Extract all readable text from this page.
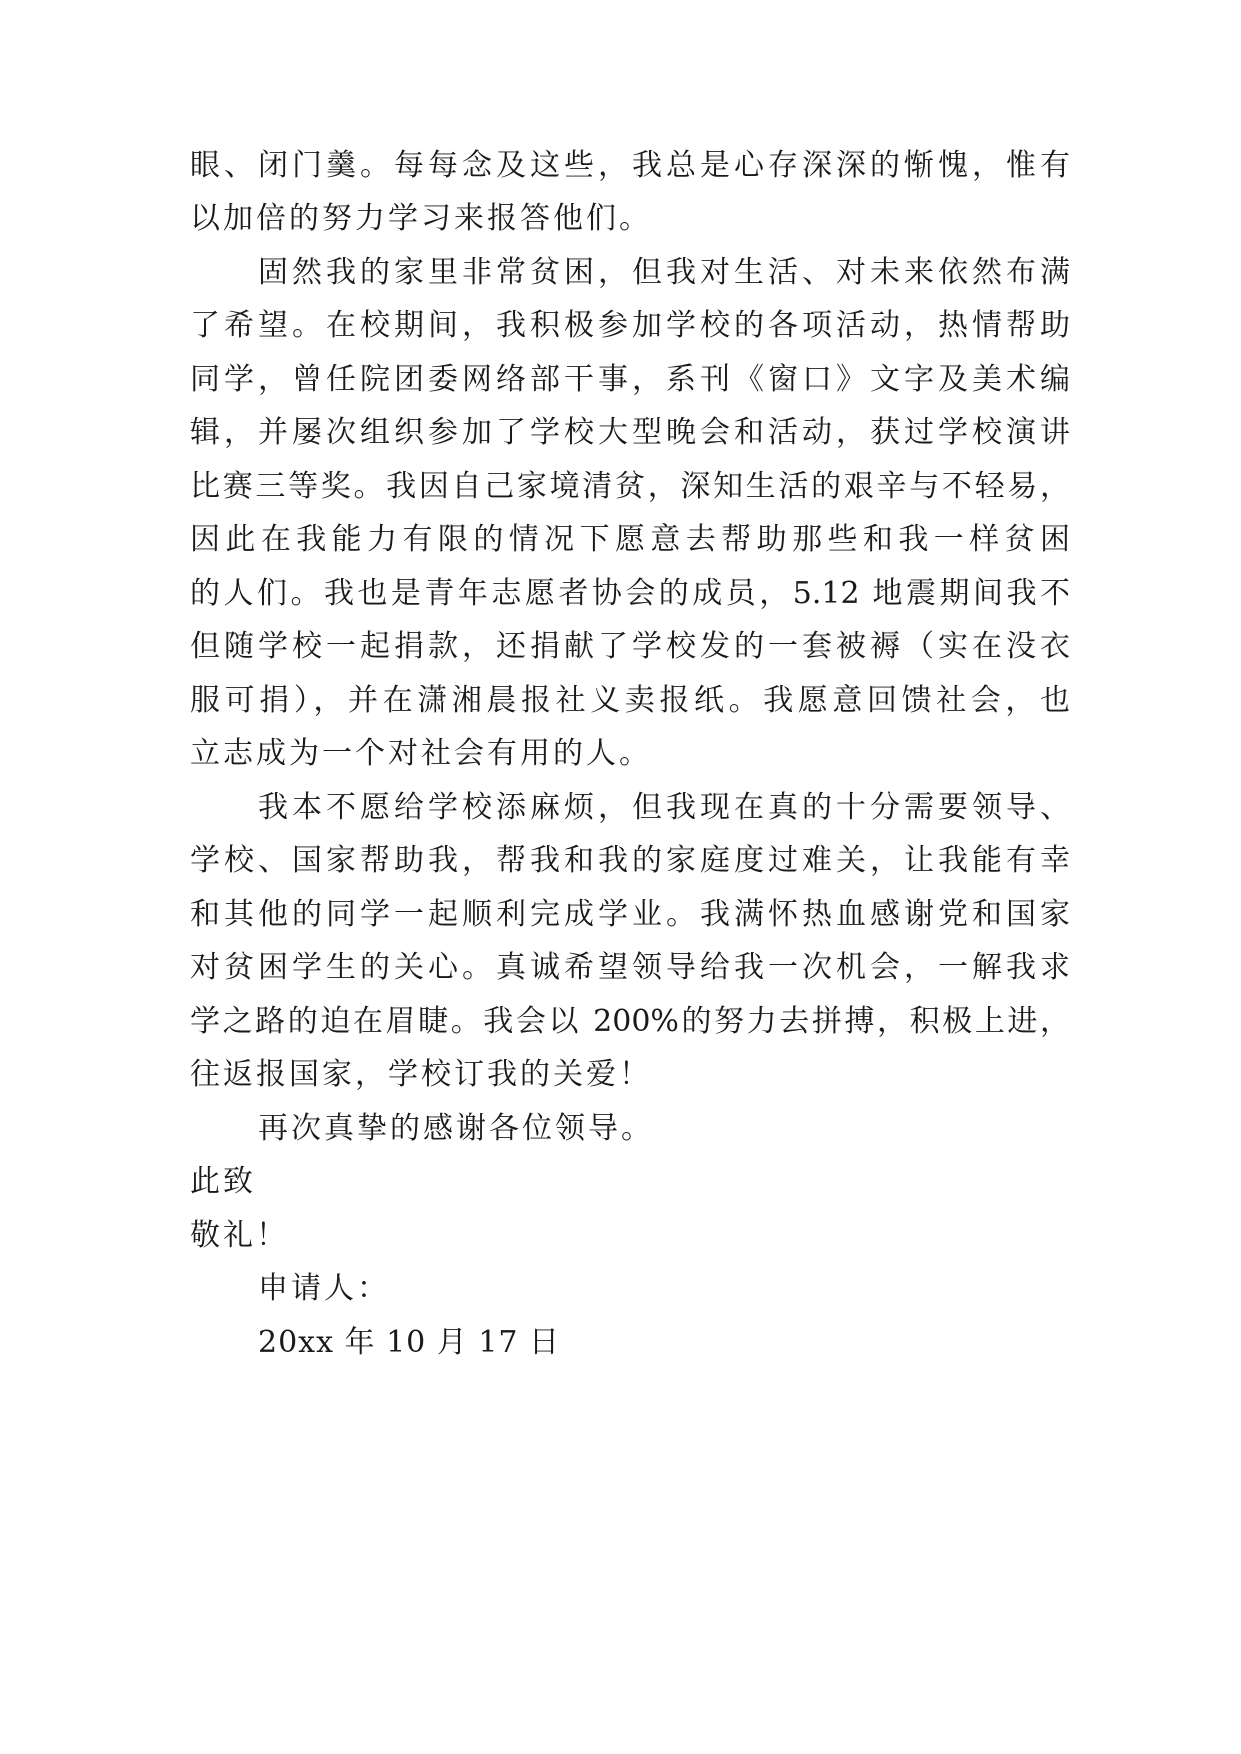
眼、闭门羹。每每念及这些，我总是心存深深的惭愧，惟有
以加倍的努力学习来报答他们。
固然我的家里非常贫困，但我对生活、对未来依然布满
了希望。在校期间，我积极参加学校的各项活动，热情帮助
同学，曾任院团委网络部干事，系刊《窗口》文字及美术编
辑，并屡次组织参加了学校大型晚会和活动，获过学校演讲
比赛三等奖。我因自己家境清贫，深知生活的艰辛与不轻易，
因此在我能力有限的情况下愿意去帮助那些和我一样贫困
的人们。我也是青年志愿者协会的成员，5.12 地震期间我不
但随学校一起捐款，还捐献了学校发的一套被褥（实在没衣
服可捐），并在潇湘晨报社义卖报纸。我愿意回馈社会，也
立志成为一个对社会有用的人。
我本不愿给学校添麻烦，但我现在真的十分需要领导、
学校、国家帮助我，帮我和我的家庭度过难关，让我能有幸
和其他的同学一起顺利完成学业。我满怀热血感谢党和国家
对贫困学生的关心。真诚希望领导给我一次机会，一解我求
学之路的迫在眉睫。我会以 200%的努力去拼搏，积极上进，
往返报国家，学校订我的关爱！
再次真挚的感谢各位领导。
此致
敬礼！
申请人：
20xx 年 10 月 17 日
